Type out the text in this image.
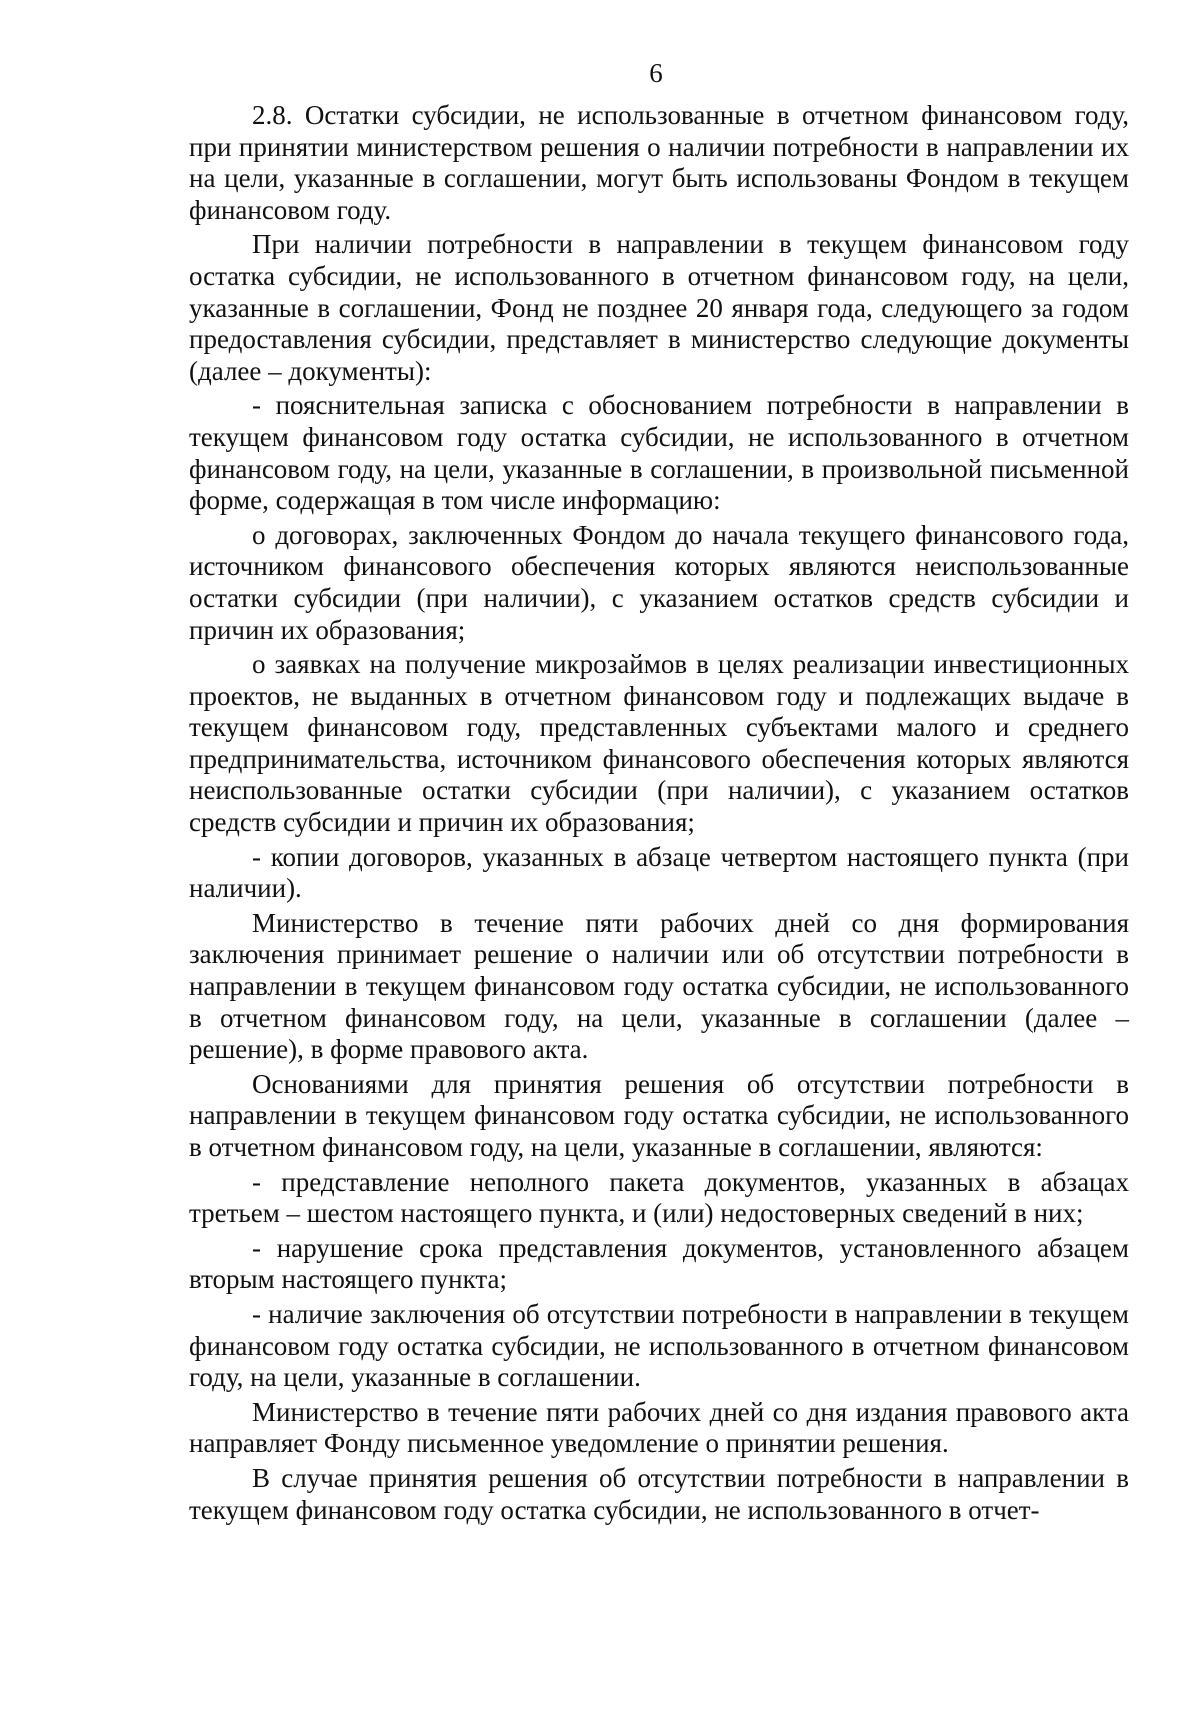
6

2.8. Остатки субсидии, не использованные в отчетном финансовом году, при принятии министерством решения о наличии потребности в направлении их на цели, указанные в соглашении, могут быть использованы Фондом в текущем финансовом году.

При наличии потребности в направлении в текущем финансовом году остатка субсидии, не использованного в отчетном финансовом году, на цели, указанные в соглашении, Фонд не позднее 20 января года, следующего за годом предоставления субсидии, представляет в министерство следующие документы (далее – документы):

- пояснительная записка с обоснованием потребности в направлении в текущем финансовом году остатка субсидии, не использованного в отчетном финансовом году, на цели, указанные в соглашении, в произвольной письменной форме, содержащая в том числе информацию:

о договорах, заключенных Фондом до начала текущего финансового года, источником финансового обеспечения которых являются неиспользованные остатки субсидии (при наличии), с указанием остатков средств субсидии и причин их образования;

о заявках на получение микрозаймов в целях реализации инвестиционных проектов, не выданных в отчетном финансовом году и подлежащих выдаче в текущем финансовом году, представленных субъектами малого и среднего предпринимательства, источником финансового обеспечения которых являются неиспользованные остатки субсидии (при наличии), с указанием остатков средств субсидии и причин их образования;

- копии договоров, указанных в абзаце четвертом настоящего пункта (при наличии).

Министерство в течение пяти рабочих дней со дня формирования заключения принимает решение о наличии или об отсутствии потребности в направлении в текущем финансовом году остатка субсидии, не использованного в отчетном финансовом году, на цели, указанные в соглашении (далее – решение), в форме правового акта.

Основаниями для принятия решения об отсутствии потребности в направлении в текущем финансовом году остатка субсидии, не использованного в отчетном финансовом году, на цели, указанные в соглашении, являются:

- представление неполного пакета документов, указанных в абзацах третьем – шестом настоящего пункта, и (или) недостоверных сведений в них;

- нарушение срока представления документов, установленного абзацем вторым настоящего пункта;

- наличие заключения об отсутствии потребности в направлении в текущем финансовом году остатка субсидии, не использованного в отчетном финансовом году, на цели, указанные в соглашении.

Министерство в течение пяти рабочих дней со дня издания правового акта направляет Фонду письменное уведомление о принятии решения.

В случае принятия решения об отсутствии потребности в направлении в текущем финансовом году остатка субсидии, не использованного в отчет-
